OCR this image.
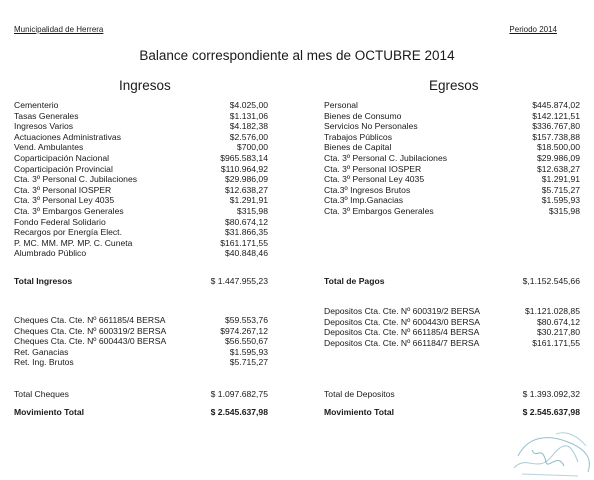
Municipalidad de Herrera	Periodo 2014
Balance correspondiente al mes de OCTUBRE 2014
Ingresos	Egresos
Cementerio	$4.025,00
Tasas Generales	$1.131,06
Ingresos Varios	$4.182,38
Actuaciones Administrativas	$2.576,00
Vend. Ambulantes	$700,00
Coparticipación Nacional	$965.583,14
Coparticipación Provincial	$110.964,92
Cta. 3º Personal C. Jubilaciones	$29.986,09
Cta. 3º Personal IOSPER	$12.638,27
Cta. 3º Personal Ley 4035	$1.291,91
Cta. 3º Embargos Generales	$315,98
Fondo Federal Solidario	$80.674,12
Recargos por Energía Elect.	$31.866,35
P. MC. MM. MP. MP. C. Cuneta	$161.171,55
Alumbrado Público	$40.848,46
Personal	$445.874,02
Bienes de Consumo	$142.121,51
Servicios No Personales	$336.767,80
Trabajos Públicos	$157.738,88
Bienes de Capital	$18.500,00
Cta. 3º Personal C. Jubilaciones	$29.986,09
Cta. 3º Personal IOSPER	$12.638,27
Cta. 3º Personal Ley 4035	$1.291,91
Cta.3º Ingresos Brutos	$5.715,27
Cta.3º Imp.Ganacias	$1.595,93
Cta. 3º Embargos Generales	$315,98
Total Ingresos	$ 1.447.955,23	Total de Pagos	$,1.152.545,66
Cheques Cta. Cte. Nº 661185/4 BERSA	$59.553,76
Cheques Cta. Cte. Nº 600319/2 BERSA	$974.267,12
Cheques Cta. Cte. Nº 600443/0 BERSA	$56.550,67
Ret. Ganacias	$1.595,93
Ret. Ing. Brutos	$5.715,27
Depositos Cta. Cte. Nº 600319/2 BERSA	$1.121.028,85
Depositos Cta. Cte. Nº 600443/0 BERSA	$80.674,12
Depositos Cta. Cte. Nº 661185/4 BERSA	$30.217,80
Depositos Cta. Cte. Nº 661184/7 BERSA	$161.171,55
Total Cheques	$ 1.097.682,75	Total de Depositos	$ 1.393.092,32
Movimiento Total	$ 2.545.637,98	Movimiento Total	$ 2.545.637,98
